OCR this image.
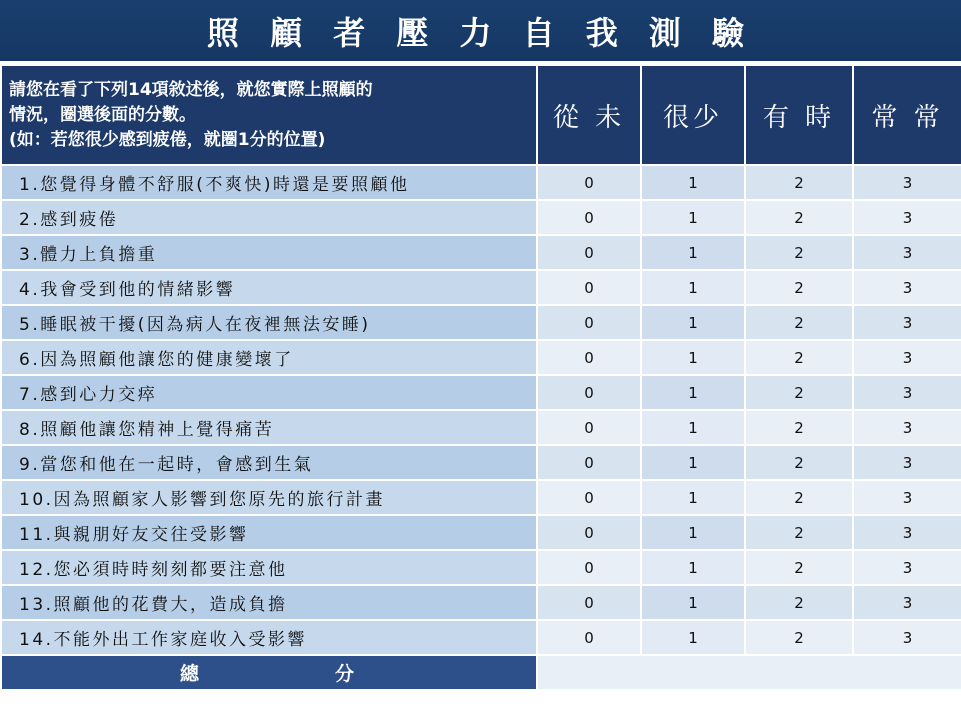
照 顧 者 壓 力 自 我 測 驗
請您在看了下列14項敘述後，就您實際上照顧的
情況，圈選後面的分數。
(如：若您很少感到疲倦，就圈1分的位置)	從 未	很少	有 時	常 常
1.您覺得身體不舒服(不爽快)時還是要照顧他	0	1	2	3
2.感到疲倦	0	1	2	3
3.體力上負擔重	0	1	2	3
4.我會受到他的情緒影響	0	1	2	3
5.睡眠被干擾(因為病人在夜裡無法安睡)	0	1	2	3
6.因為照顧他讓您的健康變壞了	0	1	2	3
7.感到心力交瘁	0	1	2	3
8.照顧他讓您精神上覺得痛苦	0	1	2	3
9.當您和他在一起時，會感到生氣	0	1	2	3
10.因為照顧家人影響到您原先的旅行計畫	0	1	2	3
11.與親朋好友交往受影響	0	1	2	3
12.您必須時時刻刻都要注意他	0	1	2	3
13.照顧他的花費大，造成負擔	0	1	2	3
14.不能外出工作家庭收入受影響	0	1	2	3

總 分				
